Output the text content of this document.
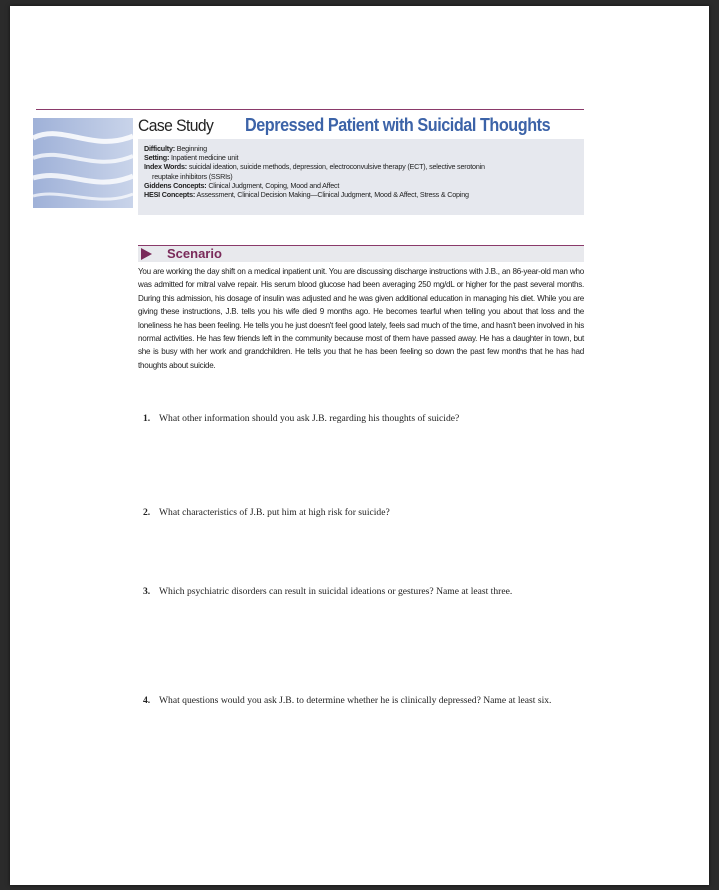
Case Study Depressed Patient with Suicidal Thoughts
Difficulty: Beginning
Setting: Inpatient medicine unit
Index Words: suicidal ideation, suicide methods, depression, electroconvulsive therapy (ECT), selective serotonin
reuptake inhibitors (SSRIs)
Giddens Concepts: Clinical Judgment, Coping, Mood and Affect
HESI Concepts: Assessment, Clinical Decision Making—Clinical Judgment, Mood & Affect, Stress & Coping
Scenario
You are working the day shift on a medical inpatient unit. You are discussing discharge instructions with J.B., an 86-year-old man who was admitted for mitral valve repair. His serum blood glucose had been averaging 250 mg/dL or higher for the past several months. During this admission, his dosage of insulin was adjusted and he was given additional education in managing his diet. While you are giving these instructions, J.B. tells you his wife died 9 months ago. He becomes tearful when telling you about that loss and the loneliness he has been feeling. He tells you he just doesn't feel good lately, feels sad much of the time, and hasn't been involved in his normal activities. He has few friends left in the community because most of them have passed away. He has a daughter in town, but she is busy with her work and grandchildren. He tells you that he has been feeling so down the past few months that he has had thoughts about suicide.
1. What other information should you ask J.B. regarding his thoughts of suicide?
2. What characteristics of J.B. put him at high risk for suicide?
3. Which psychiatric disorders can result in suicidal ideations or gestures? Name at least three.
4. What questions would you ask J.B. to determine whether he is clinically depressed? Name at least six.
